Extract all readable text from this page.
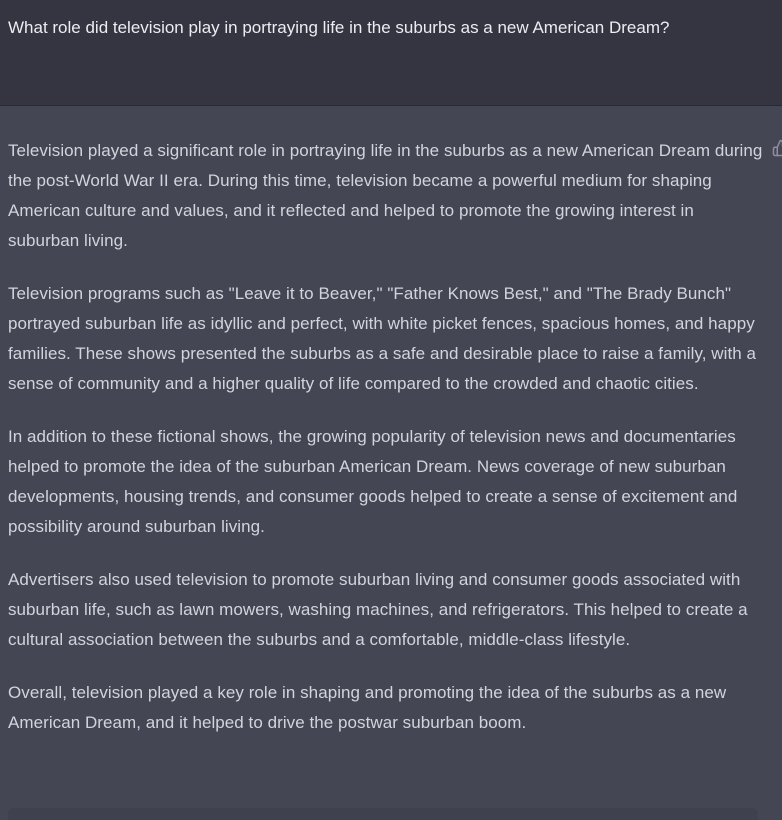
What role did television play in portraying life in the suburbs as a new American Dream?

Television played a significant role in portraying life in the suburbs as a new American Dream during the post-World War II era. During this time, television became a powerful medium for shaping American culture and values, and it reflected and helped to promote the growing interest in suburban living.

Television programs such as "Leave it to Beaver," "Father Knows Best," and "The Brady Bunch" portrayed suburban life as idyllic and perfect, with white picket fences, spacious homes, and happy families. These shows presented the suburbs as a safe and desirable place to raise a family, with a sense of community and a higher quality of life compared to the crowded and chaotic cities.

In addition to these fictional shows, the growing popularity of television news and documentaries helped to promote the idea of the suburban American Dream. News coverage of new suburban developments, housing trends, and consumer goods helped to create a sense of excitement and possibility around suburban living.

Advertisers also used television to promote suburban living and consumer goods associated with suburban life, such as lawn mowers, washing machines, and refrigerators. This helped to create a cultural association between the suburbs and a comfortable, middle-class lifestyle.

Overall, television played a key role in shaping and promoting the idea of the suburbs as a new American Dream, and it helped to drive the postwar suburban boom.
